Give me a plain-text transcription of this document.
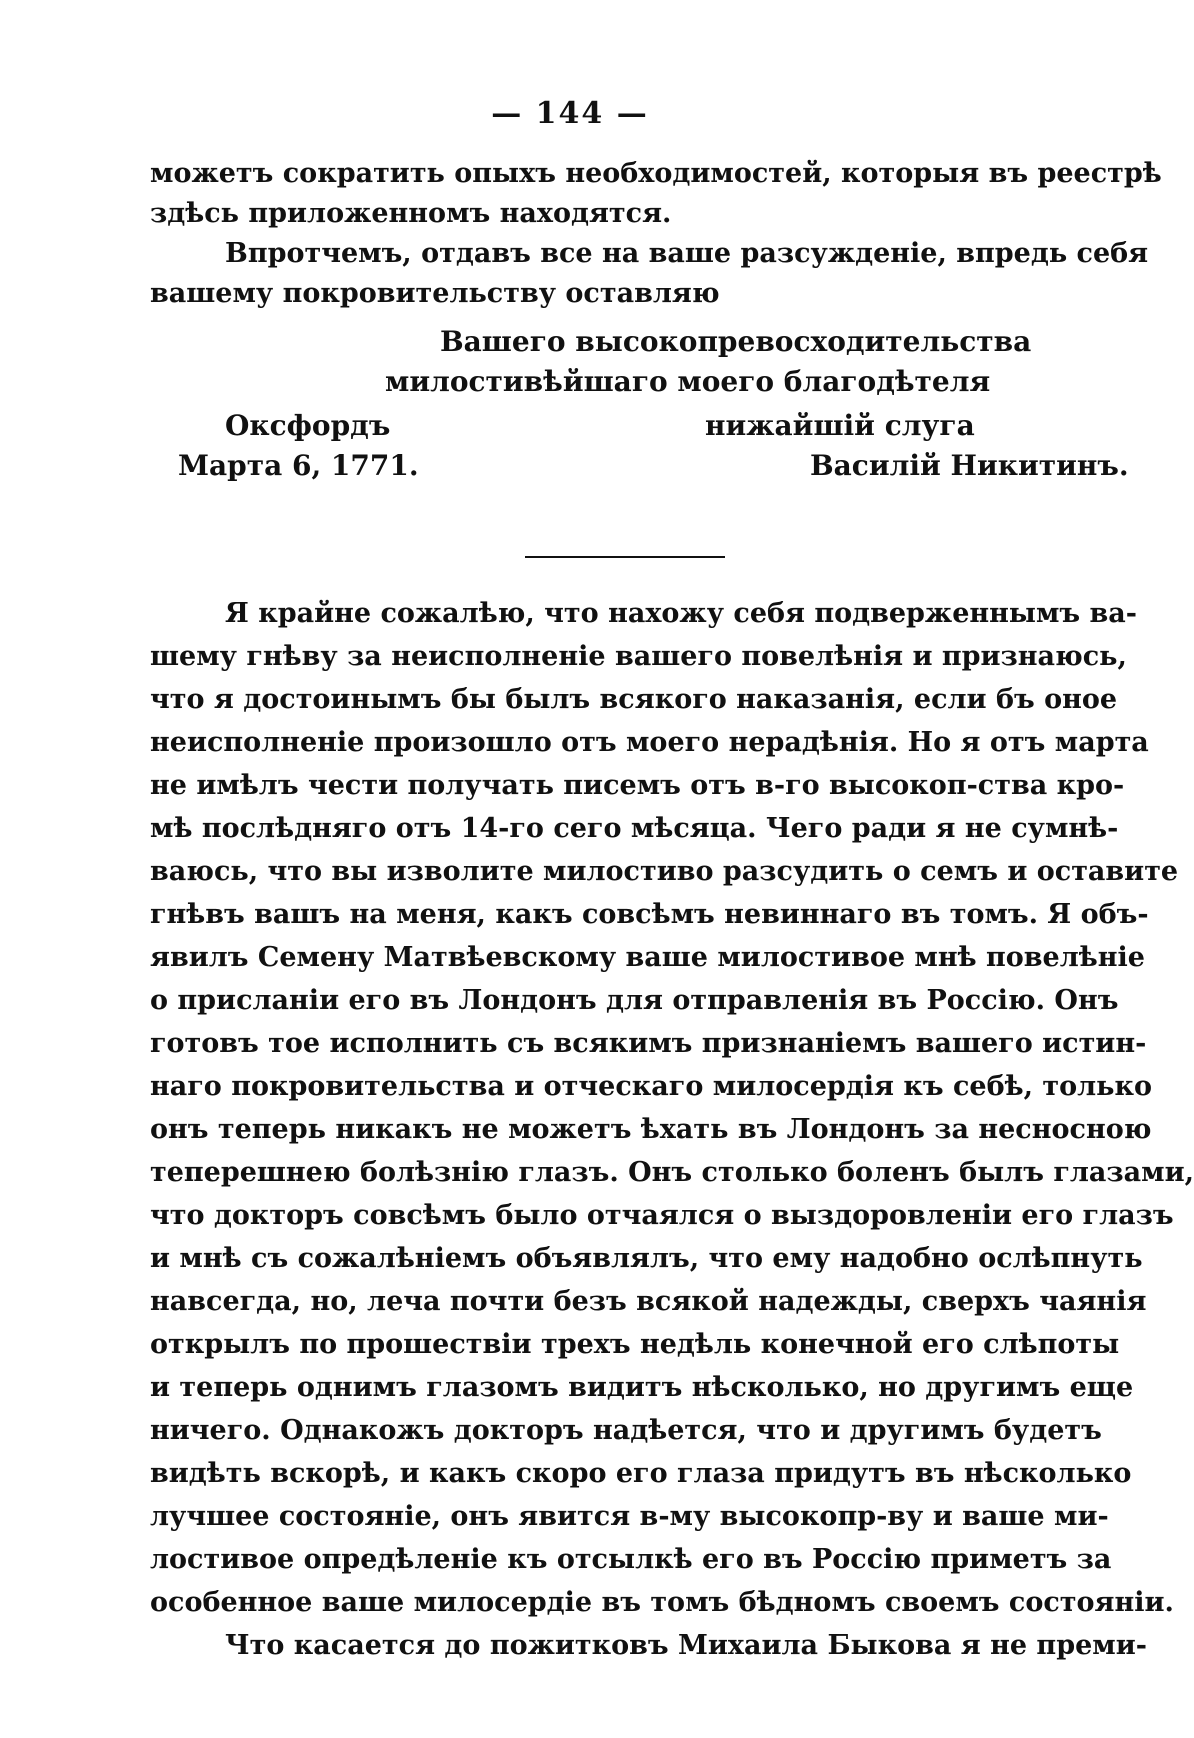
— 144 —
можетъ сократить опыхъ необходимостей, которыя въ реестрѣ
здѣсь приложенномъ находятся.
Впротчемъ, отдавъ все на ваше разсужденіе, впредь себя
вашему покровительству оставляю
Вашего высокопревосходительства
милостивѣйшаго моего благодѣтеля
Оксфордъ	нижайшій слуга
Марта 6, 1771.	Василій Никитинъ.
Я крайне сожалѣю, что нахожу себя подверженнымъ ва-
шему гнѣву за неисполненіе вашего повелѣнія и признаюсь,
что я достоинымъ бы былъ всякого наказанія, если бъ оное
неисполненіе произошло отъ моего нерадѣнія. Но я отъ марта
не имѣлъ чести получать писемъ отъ в-го высокоп-ства кро-
мѣ послѣдняго отъ 14-го сего мѣсяца. Чего ради я не сумнѣ-
ваюсь, что вы изволите милостиво разсудить о семъ и оставите
гнѣвъ вашъ на меня, какъ совсѣмъ невиннаго въ томъ. Я объ-
явилъ Семену Матвѣевскому ваше милостивое мнѣ повелѣніе
о присланіи его въ Лондонъ для отправленія въ Россію. Онъ
готовъ тое исполнить съ всякимъ признаніемъ вашего истин-
наго покровительства и отческаго милосердія къ себѣ, только
онъ теперь никакъ не можетъ ѣхать въ Лондонъ за несносною
теперешнею болѣзнію глазъ. Онъ столько боленъ былъ глазами,
что докторъ совсѣмъ было отчаялся о выздоровленіи его глазъ
и мнѣ съ сожалѣніемъ объявлялъ, что ему надобно ослѣпнуть
навсегда, но, леча почти безъ всякой надежды, сверхъ чаянія
открылъ по прошествіи трехъ недѣль конечной его слѣпоты
и теперь однимъ глазомъ видитъ нѣсколько, но другимъ еще
ничего. Однакожъ докторъ надѣется, что и другимъ будетъ
видѣть вскорѣ, и какъ скоро его глаза придутъ въ нѣсколько
лучшее состояніе, онъ явится в-му высокопр-ву и ваше ми-
лостивое опредѣленіе къ отсылкѣ его въ Россію приметъ за
особенное ваше милосердіе въ томъ бѣдномъ своемъ состояніи.
Что касается до пожитковъ Михаила Быкова я не преми-
